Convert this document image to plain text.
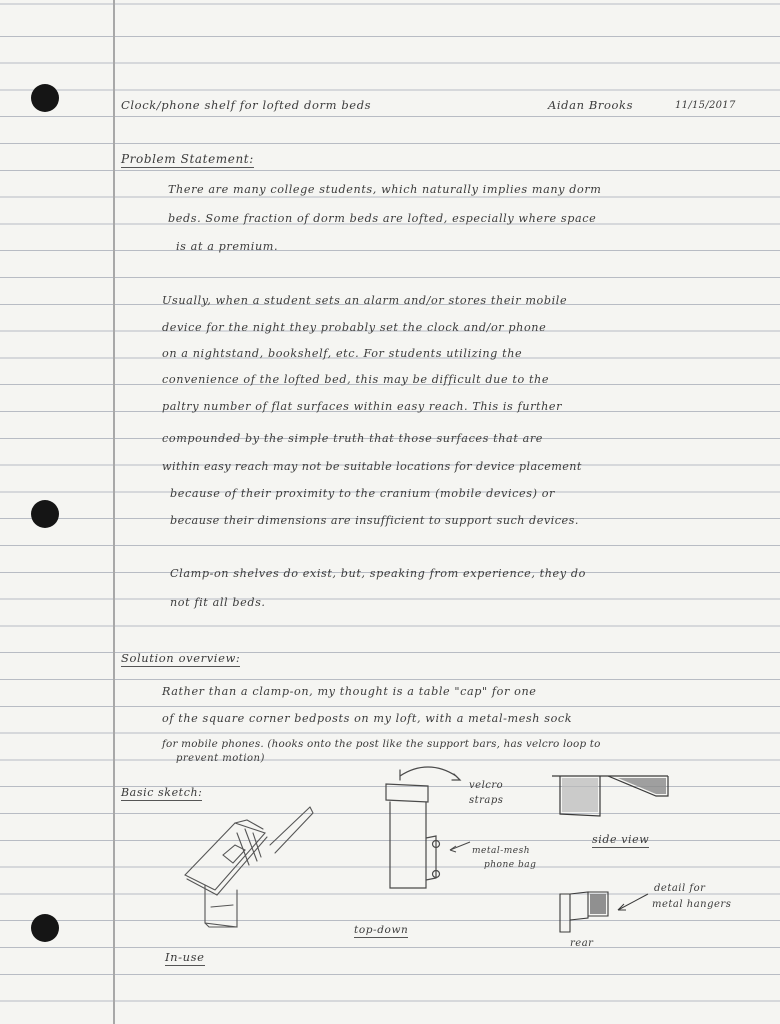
Clock/phone shelf for lofted dorm beds	Aidan Brooks	11/15/2017
Problem Statement:
There are many college students, which naturally implies many dorm
beds. Some fraction of dorm beds are lofted, especially where space
is at a premium.
Usually, when a student sets an alarm and/or stores their mobile
device for the night they probably set the clock and/or phone
on a nightstand, bookshelf, etc. For students utilizing the
convenience of the lofted bed, this may be difficult due to the
paltry number of flat surfaces within easy reach. This is further
compounded by the simple truth that those surfaces that are
within easy reach may not be suitable locations for device placement
because of their proximity to the cranium (mobile devices) or
because their dimensions are insufficient to support such devices.
Clamp-on shelves do exist, but, speaking from experience, they do
not fit all beds.
Solution overview:
Rather than a clamp-on, my thought is a table "cap" for one
of the square corner bedposts on my loft, with a metal-mesh sock
for mobile phones. (hooks onto the post like the support bars, has velcro loop to
prevent motion)
Basic sketch:
velcro
straps
metal-mesh
phone bag
side view
detail for
metal hangers
rear
top-down
In-use
